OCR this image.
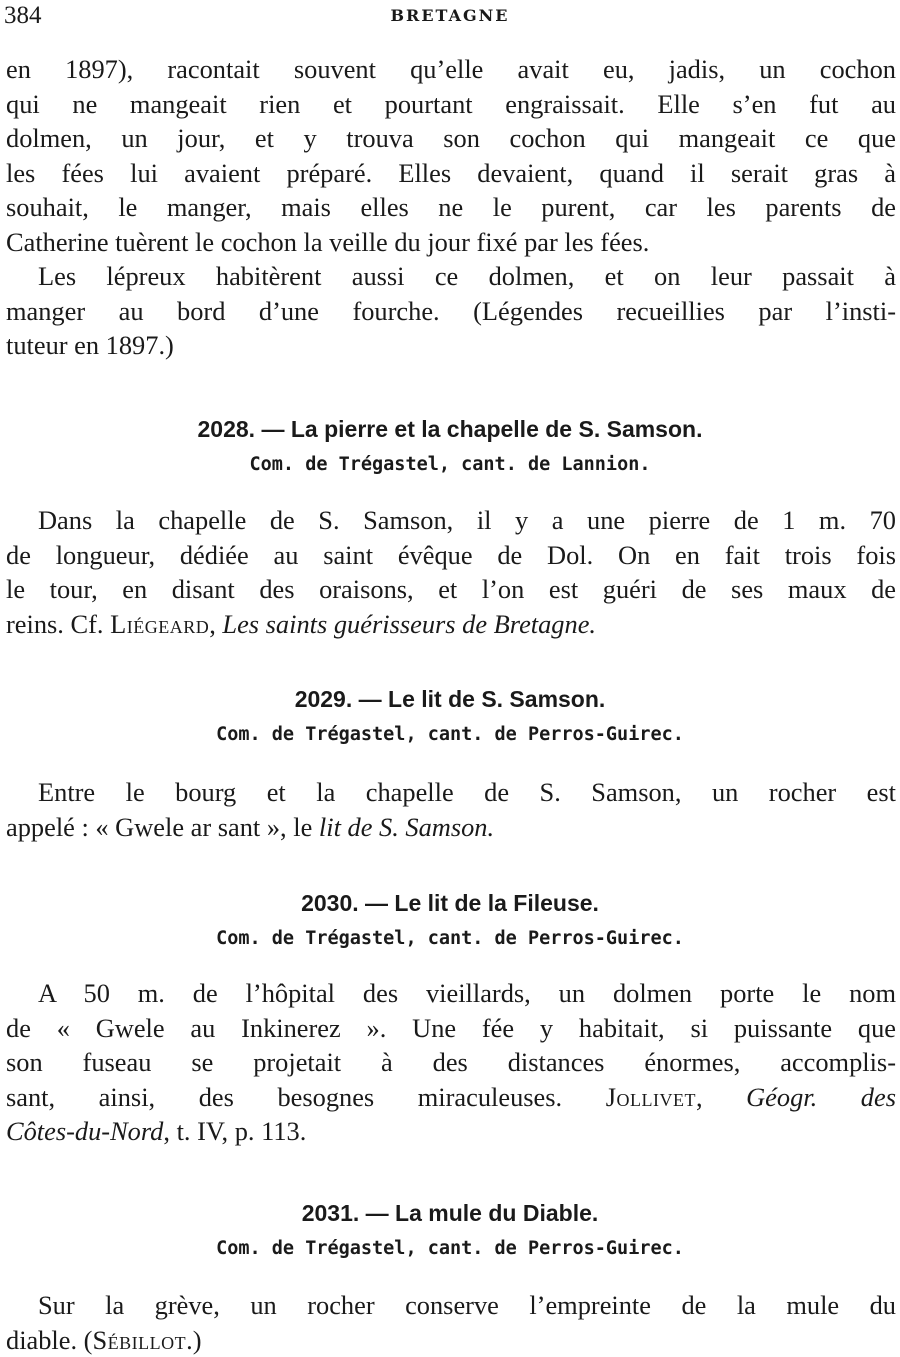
384	BRETAGNE
en 1897), racontait souvent qu’elle avait eu, jadis, un cochon
qui ne mangeait rien et pourtant engraissait. Elle s’en fut au
dolmen, un jour, et y trouva son cochon qui mangeait ce que
les fées lui avaient préparé. Elles devaient, quand il serait gras à
souhait, le manger, mais elles ne le purent, car les parents de
Catherine tuèrent le cochon la veille du jour fixé par les fées.
Les lépreux habitèrent aussi ce dolmen, et on leur passait à
manger au bord d’une fourche. (Légendes recueillies par l’insti-
tuteur en 1897.)
2028. — La pierre et la chapelle de S. Samson.
Com. de Trégastel, cant. de Lannion.
Dans la chapelle de S. Samson, il y a une pierre de 1 m. 70
de longueur, dédiée au saint évêque de Dol. On en fait trois fois
le tour, en disant des oraisons, et l’on est guéri de ses maux de
reins. Cf. Liégeard, Les saints guérisseurs de Bretagne.
2029. — Le lit de S. Samson.
Com. de Trégastel, cant. de Perros-Guirec.
Entre le bourg et la chapelle de S. Samson, un rocher est
appelé : « Gwele ar sant », le lit de S. Samson.
2030. — Le lit de la Fileuse.
Com. de Trégastel, cant. de Perros-Guirec.
A 50 m. de l’hôpital des vieillards, un dolmen porte le nom
de « Gwele au Inkinerez ». Une fée y habitait, si puissante que
son fuseau se projetait à des distances énormes, accomplis-
sant, ainsi, des besognes miraculeuses. Jollivet, Géogr. des
Côtes-du-Nord, t. IV, p. 113.
2031. — La mule du Diable.
Com. de Trégastel, cant. de Perros-Guirec.
Sur la grève, un rocher conserve l’empreinte de la mule du
diable. (Sébillot.)
